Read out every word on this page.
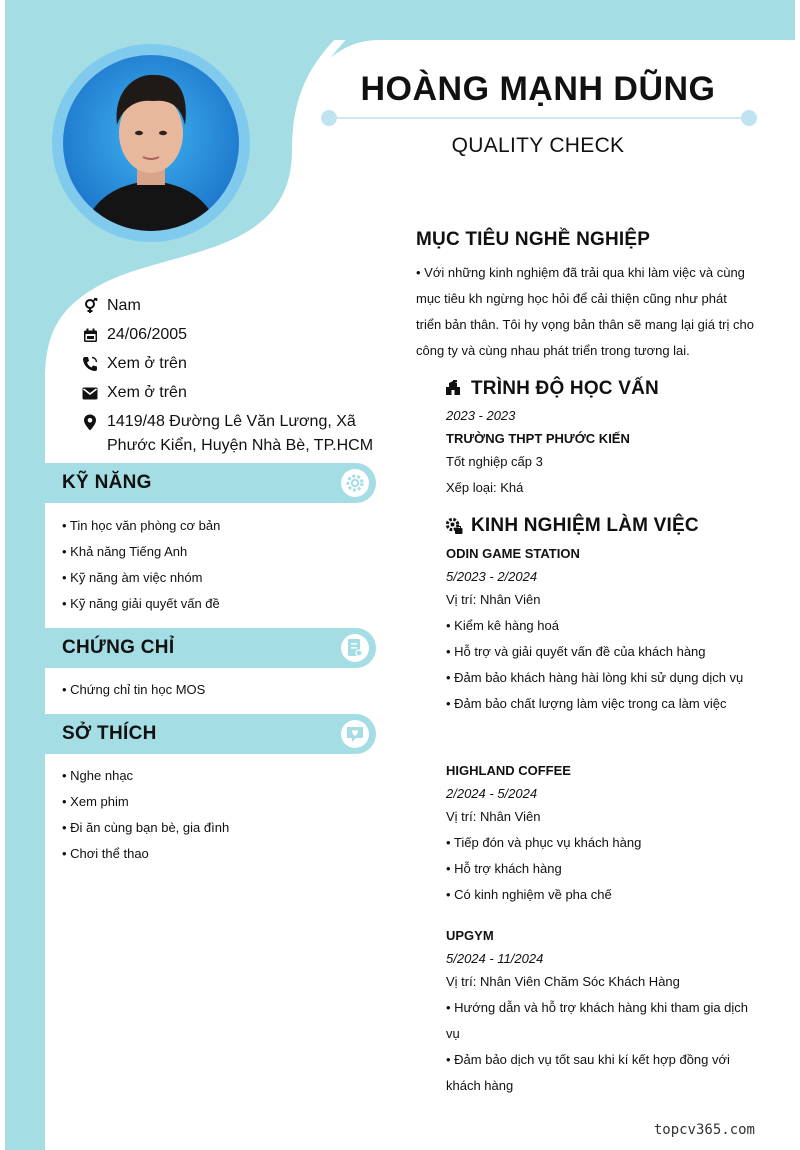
HOÀNG MẠNH DŨNG
QUALITY CHECK
Nam
24/06/2005
Xem ở trên
Xem ở trên
1419/48 Đường Lê Văn Lương, Xã
Phước Kiển, Huyện Nhà Bè, TP.HCM
KỸ NĂNG
• Tin học văn phòng cơ bản
• Khả năng Tiếng Anh
• Kỹ năng àm việc nhóm
• Kỹ năng giải quyết vấn đề
CHỨNG CHỈ
• Chứng chỉ tin học MOS
SỞ THÍCH
• Nghe nhạc
• Xem phim
• Đi ăn cùng bạn bè, gia đình
• Chơi thể thao
MỤC TIÊU NGHỀ NGHIỆP
• Với những kinh nghiệm đã trải qua khi làm việc và cùng
mục tiêu kh ngừng học hỏi để cải thiện cũng như phát
triển bản thân. Tôi hy vọng bản thân sẽ mang lại giá trị cho
công ty và cùng nhau phát triển trong tương lai.
TRÌNH ĐỘ HỌC VẤN
2023 - 2023
TRƯỜNG THPT PHƯỚC KIẾN
Tốt nghiệp cấp 3
Xếp loại: Khá
KINH NGHIỆM LÀM VIỆC
ODIN GAME STATION
5/2023 - 2/2024
Vị trí: Nhân Viên
• Kiểm kê hàng hoá
• Hỗ trợ và giải quyết vấn đề của khách hàng
• Đảm bảo khách hàng hài lòng khi sử dụng dịch vụ
• Đảm bảo chất lượng làm việc trong ca làm việc
HIGHLAND COFFEE
2/2024 - 5/2024
Vị trí: Nhân Viên
• Tiếp đón và phục vụ khách hàng
• Hỗ trợ khách hàng
• Có kinh nghiệm về pha chế
UPGYM
5/2024 - 11/2024
Vị trí: Nhân Viên Chăm Sóc Khách Hàng
• Hướng dẫn và hỗ trợ khách hàng khi tham gia dịch
vụ
• Đảm bảo dịch vụ tốt sau khi kí kết hợp đồng với
khách hàng
topcv365.com
